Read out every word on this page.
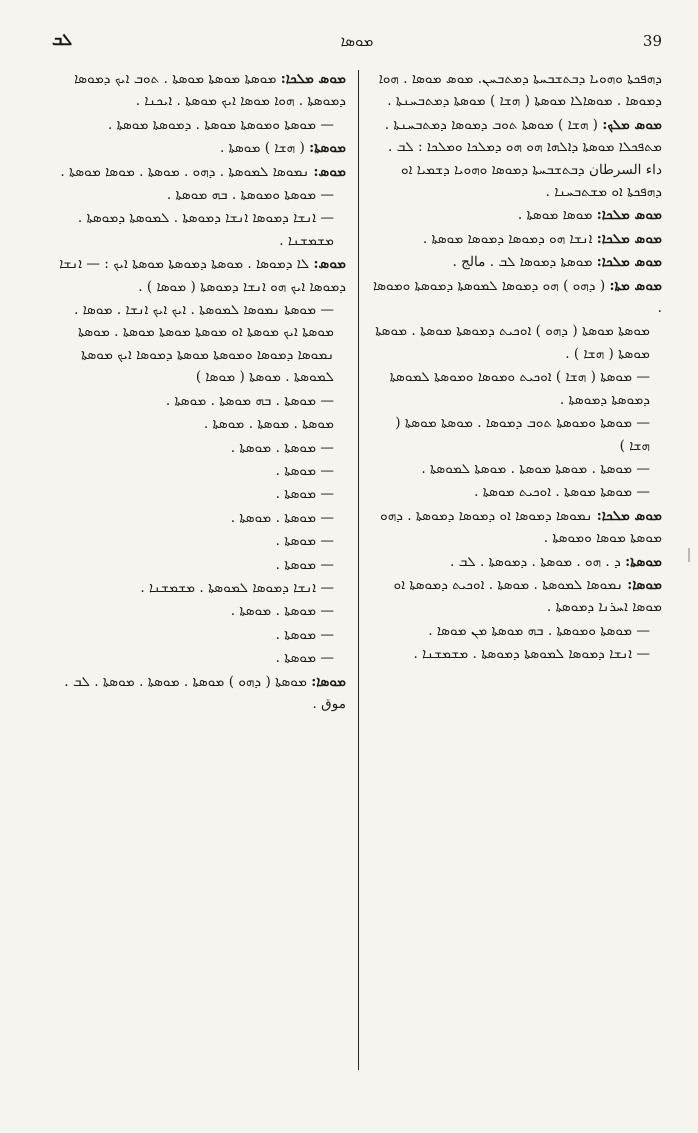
ܠܒ	ܡܘܣܐ	39
ܕܗܦܟܬܐ ܘܗܘܝܐ ܕܒܬܫܒܚܬܐ ܕܡܬܒܚܢ. ܡܘܣ ܡܘܣܐ . ܗܘܐ ܕܡܘܣܐ . ܡܘܣܐܠܐ ܡܘܣܬܐ ( ܗܫܐ ) ܡܘܣܬܐ ܕܡܬܒܚܢܬܐ .
ܡܘܣ ܡܠܟ: ( ܗܫܐ ) ܡܘܣܬܐ ܬܘܒ ܕܡܘܣܐ ܕܡܬܒܚܢܬܐ . ܡܬܦܟܠܐ ܡܘܣܬܐ ܕܐܠܗܐ ܗܘ ܗܘ ܕܡܠܟܐ ܘܡܠܟܐ : ܠܒ . داء السرطان ܕܒܬܫܒܚܬܐ ܕܡܘܣܐ ܘܗܘܝܐ ܕܫܡܝܐ ܐܘ ܕܗܦܟܬܐ ܐܘ ܡܫܬܒܚܢܐ .
ܡܘܣ ܡܠܟܐ: ܡܘܣܐ ܡܘܣܬܐ .
ܡܘܣ ܡܠܟܐ: ܐܢܫܐ ܗܘ ܕܡܘܣܐ ܕܡܘܣܐ ܡܘܣܬܐ .
ܡܘܣ ܡܠܟܐ: ܡܘܣܬܐ ܕܡܘܣܐ ܠܒ . مالج .
ܡܘܣ ܡܬܐ: ( ܕܗܘ ) ܗܘ ܕܡܘܣܐ ܠܡܘܣܬܐ ܕܡܘܣܬܐ ܘܡܘܣܐ .
ܡܘܣܬܐ ܡܘܣܬܐ ( ܕܗܘ ) ܐܘܟܝܬ ܕܡܘܣܬܐ ܡܘܣܬܐ . ܡܘܣܬܐ ܡܘܣܬܐ ( ܗܫܐ ) .
— ܡܘܣܬܐ ( ܗܫܐ ) ܐܘܟܝܬ ܘܡܘܣܐ ܘܡܘܣܬܐ ܠܡܘܣܬܐ ܕܡܘܣܬܐ ܕܡܘܣܬܐ .
— ܡܘܣܬܐ ܘܡܘܣܬܐ ܬܘܒ ܕܡܘܣܐ . ܡܘܣܬܐ ܡܘܣܬܐ ( ܗܫܐ )
— ܡܘܣܬܐ . ܡܘܣܬܐ ܡܘܣܬܐ . ܡܘܣܬܐ ܠܡܘܣܬܐ .
— ܡܘܣܬܐ ܡܘܣܬܐ . ܐܘܟܝܬ ܡܘܣܬܐ .
ܡܘܣ ܡܠܟܐ: ܢܡܘܣܐ ܕܡܘܣܐ ܐܘ ܕܡܘܣܐ ܕܡܘܣܬܐ . ܕܗܘ ܡܘܣܬܐ ܡܘܣܐ ܘܡܘܣܬܐ .
ܡܘܣܬܐ: ܕ . ܗܘ . ܡܘܣܬܐ . ܕܡܘܣܬܐ . ܠܒ .
ܡܘܣܐ: ܢܡܘܣܐ ܠܡܘܣܬܐ . ܡܘܣܬܐ . ܐܘܟܝܬ ܕܡܘܣܬܐ ܐܘ ܡܘܣܐ ܐܚܪܢܐ ܕܡܘܣܬܐ .
— ܡܘܣܬܐ ܘܡܘܣܬܐ . ܒܗ ܡܘܣܬܐ ܡܢ ܡܘܣܐ .
— ܐܢܫܐ ܕܡܘܣܐ ܠܡܘܣܬܐ ܕܡܘܣܬܐ . ܡܫܡܫܢܐ .
ܡܘܣ ܡܠܟܐ: ܡܘܣܬܐ ܡܘܣܬܐ ܡܘܣܬܐ . ܬܘܒ ܐܝܟ ܕܡܘܣܐ ܕܡܘܣܬܐ . ܗܘܐ ܡܘܣܐ ܐܝܟ ܡܘܣܬܐ . ܐܝܟܢܐ .
— ܡܘܣܬܐ ܘܡܘܣܬܐ ܡܘܣܬܐ . ܕܡܘܣܬܐ ܡܘܣܬܐ .
ܡܘܣܬܐ: ( ܗܫܐ ) ܡܘܣܬܐ .
ܡܘܣ: ܢܡܘܣܐ ܠܡܘܣܬܐ . ܕܗܘ . ܡܘܣܬܐ . ܡܘܣܐ ܡܘܣܬܐ .
— ܡܘܣܬܐ ܘܡܘܣܬܐ . ܒܗ ܡܘܣܬܐ .
— ܐܢܫܐ ܕܡܘܣܐ ܐܢܫܐ ܕܡܘܣܬܐ . ܠܡܘܣܬܐ ܕܡܘܣܬܐ . ܡܫܡܫܢܐ .
ܡܘܣ: ܠܐ ܕܡܘܣܐ . ܡܘܣܬܐ ܕܡܘܣܬܐ ܡܘܣܬܐ ܐܝܟ : — ܐܢܫܐ ܕܡܘܣܐ ܐܝܟ ܗܘ ܐܢܫܐ ܕܡܘܣܬܐ ( ܡܘܣܐ ) .
— ܡܘܣܬܐ ܢܡܘܣܐ ܠܡܘܣܬܐ . ܐܝܟ ܐܝܟ ܐܢܫܐ . ܡܘܣܐ . ܡܘܣܬܐ ܐܝܟ ܡܘܣܬܐ ܐܘ ܡܘܣܬܐ ܡܘܣܬܐ ܡܘܣܬܐ . ܡܘܣܬܐ ܢܡܘܣܐ ܕܡܘܣܐ ܘܡܘܣܬܐ ܡܘܣܬܐ ܕܡܘܣܐ ܐܝܟ ܡܘܣܬܐ ܠܡܘܣܬܐ . ܡܘܣܬܐ ( ܡܘܣܐ )
— ܡܘܣܬܐ . ܒܗ ܡܘܣܬܐ . ܡܘܣܬܐ .
ܡܘܣܬܐ . ܡܘܣܬܐ . ܡܘܣܬܐ .
— ܡܘܣܬܐ . ܡܘܣܬܐ .
— ܡܘܣܬܐ .
— ܡܘܣܬܐ .
— ܡܘܣܬܐ . ܡܘܣܬܐ .
— ܡܘܣܬܐ .
— ܡܘܣܬܐ .
— ܐܢܫܐ ܕܡܘܣܐ ܠܡܘܣܬܐ . ܡܫܡܫܢܐ .
— ܡܘܣܬܐ . ܡܘܣܬܐ .
— ܡܘܣܬܐ .
— ܡܘܣܬܐ .
ܡܘܣܐ: ܡܘܣܬܐ ( ܕܗܘ ) ܡܘܣܬܐ . ܡܘܣܬܐ . ܡܘܣܬܐ . ܠܒ . موق .
